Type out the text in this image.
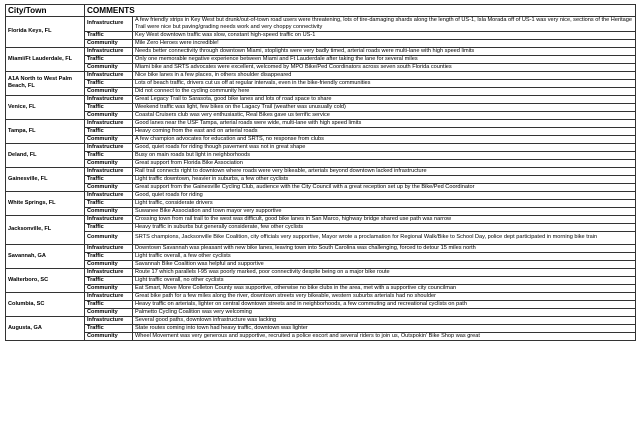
City/Town	COMMENTS	
Florida Keys, FL	Infrastructure	A few friendly strips in Key West but drunk/out-of-town road users were threatening, lots of tire-damaging shards along the length of US-1, Isla Morada off of US-1 was very nice, sections of the Heritage Trail were nice but paving/grading needs work and very choppy connectivity
	Traffic	Key West downtown traffic was slow, constant high-speed traffic on US-1
	Community	Mile Zero Heroes were incredible!
Miami/Ft Lauderdale, FL	Infrastructure	Needs better connectivity through downtown Miami, stoplights were very badly timed, arterial roads were multi-lane with high speed limits
	Traffic	Only one memorable negative experience between Miami and Ft Lauderdale after taking the lane for several miles
	Community	Miami bike and SRTS advocates were excellent, welcomed by MPO Bike/Ped Coordinators across seven south Florida counties
A1A North to West Palm Beach, FL	Infrastructure	Nice bike lanes in a few places, in others shoulder disappeared
	Traffic	Lots of beach traffic, drivers cut us off at regular intervals, even in the bike-friendly communities
	Community	Did not connect to the cycling community here
Venice, FL	Infrastructure	Great Legacy Trail to Sarasota, good bike lanes and lots of road space to share
	Traffic	Weekend traffic was light, few bikes on the Lagacy Trail (weather was unusually cold)
	Community	Coastal Cruisers club was very enthusiastic, Real Bikes gave us terrific service
Tampa, FL	Infrastructure	Good lanes near the USF Tampa, arterial roads were wide, multi-lane with high speed limits
	Traffic	Heavy coming from the east and on arterial roads
	Community	A few champion advocates for education and SRTS, no response from clubs
Deland, FL	Infrastructure	Good, quiet roads for riding though pavement was not in great shape
	Traffic	Busy on main roads but light in neighborhoods
	Community	Great support from Florida Bike Association
Gainesville, FL	Infrastructure	Rail trail connects right to downtown where roads were very bikeable, arterials beyond downtown lacked infrastructure
	Traffic	Light traffic downtown, heavier in suburbs, a few other cyclists
	Community	Great support from the Gainesville Cycling Club, audience with the City Council with a great reception set up by the Bike/Ped Coordinator
White Springs, FL	Infrastructure	Good, quiet roads for riding
	Traffic	Light traffic, considerate drivers
	Community	Suwanee Bike Association and town mayor very supportive
Jacksonville, FL	Infrastructure	Crossing town from rail trail to the west was difficult, good bike lanes in San Marco, highway bridge shared use path was narrow
	Traffic	Heavy traffic in suburbs but generally considerate, few other cyclists
	Community	SRTS champions, Jacksonville Bike Coalition, city officials very supportive, Mayor wrote a proclamation for Regional Walk/Bike to School Day, police dept participated in morning bike train
Savannah, GA	Infrastructure	Downtown Savannah was pleasant with new bike lanes, leaving town into South Carolina was challenging, forced to detour 15 miles north
	Traffic	Light traffic overall, a few other cyclists
	Community	Savannah Bike Coalition was helpful and supportive
Walterboro, SC	Infrastructure	Route 17 which parallels I-95 was poorly marked, poor connectivity despite being on a major bike route
	Traffic	Light traffic overall, no other cyclists
	Community	Eat Smart, Move More Colleton County was supportive, otherwise no bike clubs in the area, met with a supportive city councilman
Columbia, SC	Infrastructure	Great bike path for a few miles along the river, downtown streets very bikeable, western suburbs arterials had no shoulder
	Traffic	Heavy traffic on arterials, lighter on central downtown streets and in neighborhoods, a few commuting and recreational cyclists on path
	Community	Palmetto Cycling Coalition was very welcoming
Augusta, GA	Infrastructure	Several good paths, downtown infrastructure was lacking
	Traffic	State routes coming into town had heavy traffic, downtown was lighter
	Community	Wheel Movement was very generous and supportive, recruited a police escort and several riders to join us, Outspokin' Bike Shop was great
